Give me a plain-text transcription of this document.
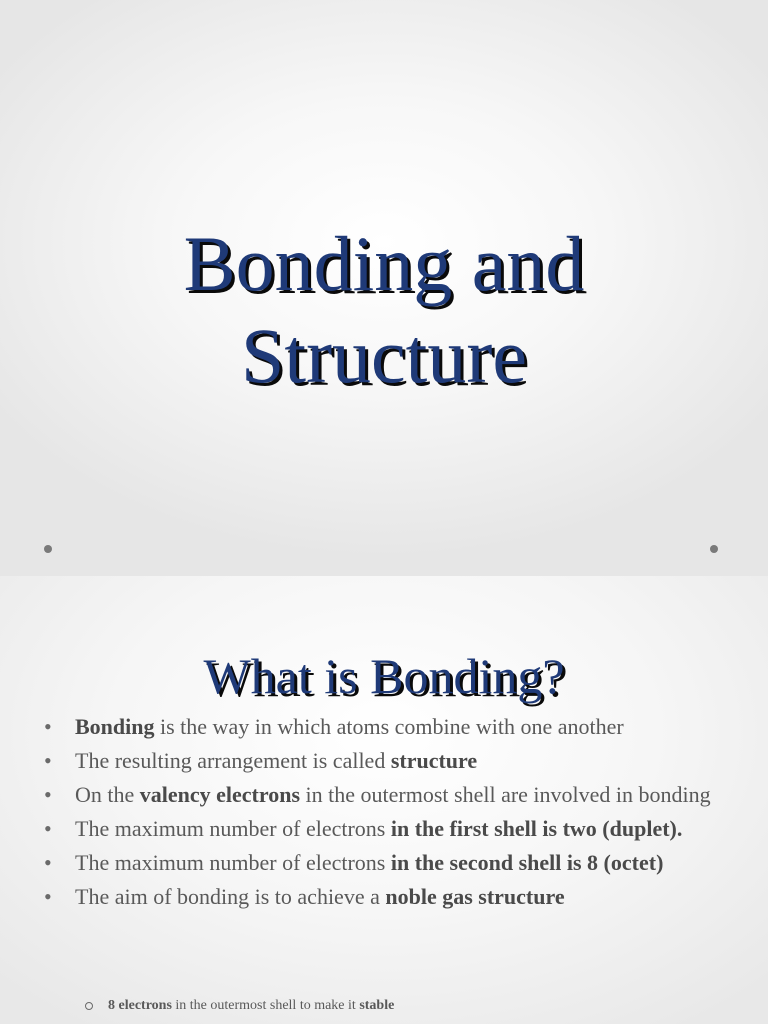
Bonding and
Structure
What is Bonding?
• Bonding is the way in which atoms combine with one another
• The resulting arrangement is called structure
• On the valency electrons in the outermost shell are involved in bonding
• The maximum number of electrons in the first shell is two (duplet).
• The maximum number of electrons in the second shell is 8 (octet)
• The aim of bonding is to achieve a noble gas structure
8 electrons in the outermost shell to make it stable
